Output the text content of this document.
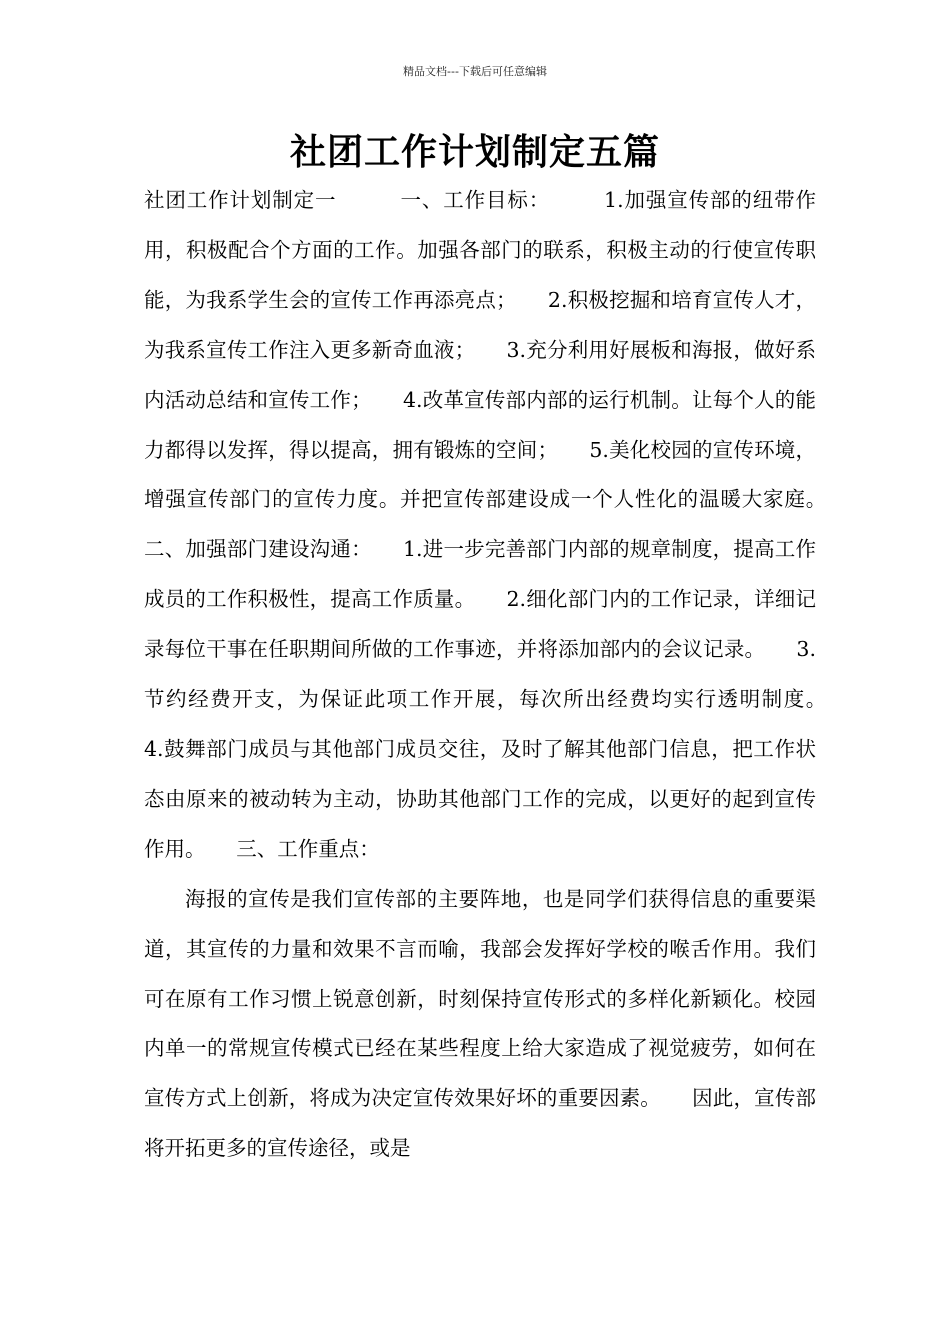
精品文档---下载后可任意编辑
社团工作计划制定五篇

社团工作计划制定一　　　一、工作目标：　　　1.加强宣传部的纽带作用，积极配合个方面的工作。加强各部门的联系，积极主动的行使宣传职能，为我系学生会的宣传工作再添亮点；　　2.积极挖掘和培育宣传人才，为我系宣传工作注入更多新奇血液；　　3.充分利用好展板和海报，做好系内活动总结和宣传工作；　　4.改革宣传部内部的运行机制。让每个人的能力都得以发挥，得以提高，拥有锻炼的空间；　　5.美化校园的宣传环境，增强宣传部门的宣传力度。并把宣传部建设成一个人性化的温暖大家庭。　　二、加强部门建设沟通：　　1.进一步完善部门内部的规章制度，提高工作成员的工作积极性，提高工作质量。　　2.细化部门内的工作记录，详细记录每位干事在任职期间所做的工作事迹，并将添加部内的会议记录。　　3.节约经费开支，为保证此项工作开展，每次所出经费均实行透明制度。　　4.鼓舞部门成员与其他部门成员交往，及时了解其他部门信息，把工作状态由原来的被动转为主动，协助其他部门工作的完成，以更好的起到宣传作用。　　三、工作重点：

海报的宣传是我们宣传部的主要阵地，也是同学们获得信息的重要渠道，其宣传的力量和效果不言而喻，我部会发挥好学校的喉舌作用。我们可在原有工作习惯上锐意创新，时刻保持宣传形式的多样化新颖化。校园内单一的常规宣传模式已经在某些程度上给大家造成了视觉疲劳，如何在宣传方式上创新，将成为决定宣传效果好坏的重要因素。　　因此，宣传部将开拓更多的宣传途径，或是
